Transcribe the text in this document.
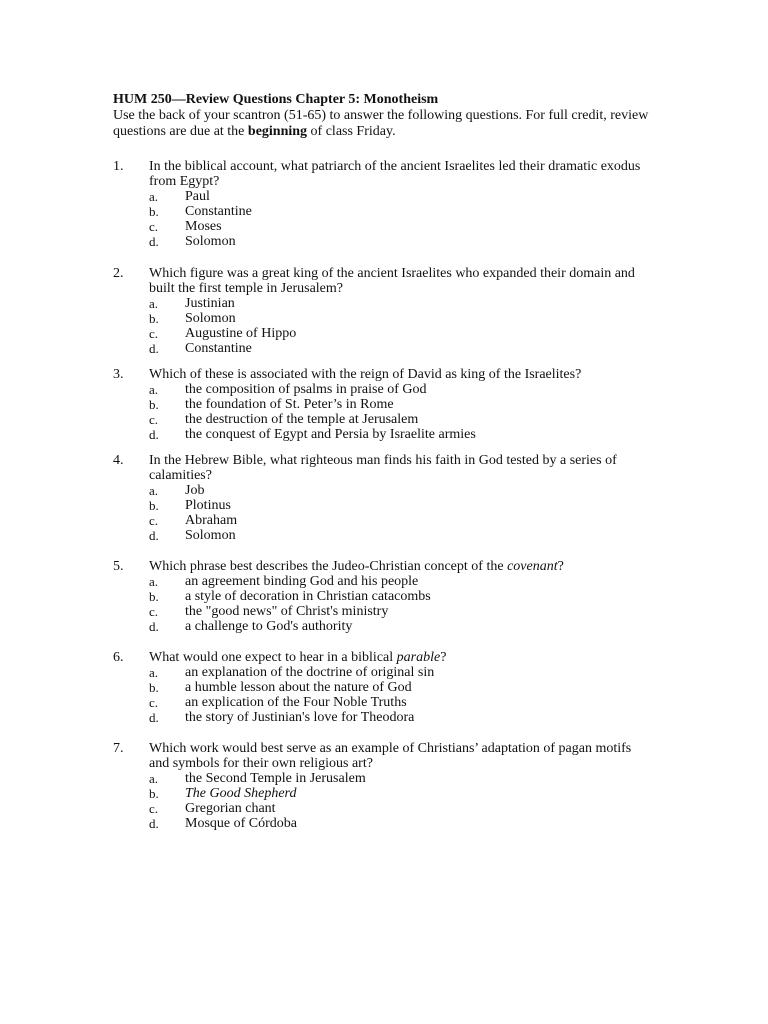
HUM 250—Review Questions Chapter 5: Monotheism

Use the back of your scantron (51-65) to answer the following questions. For full credit, review questions are due at the beginning of class Friday.

1.	In the biblical account, what patriarch of the ancient Israelites led their dramatic exodus from Egypt?
a. Paul
b. Constantine
c. Moses
d. Solomon
2.	Which figure was a great king of the ancient Israelites who expanded their domain and built the first temple in Jerusalem?
a. Justinian
b. Solomon
c. Augustine of Hippo
d. Constantine
3.	Which of these is associated with the reign of David as king of the Israelites?
a. the composition of psalms in praise of God
b. the foundation of St. Peter’s in Rome
c. the destruction of the temple at Jerusalem
d. the conquest of Egypt and Persia by Israelite armies
4.	In the Hebrew Bible, what righteous man finds his faith in God tested by a series of calamities?
a. Job
b. Plotinus
c. Abraham
d. Solomon
5.	Which phrase best describes the Judeo-Christian concept of the covenant?
a. an agreement binding God and his people
b. a style of decoration in Christian catacombs
c. the "good news" of Christ's ministry
d. a challenge to God's authority
6.	What would one expect to hear in a biblical parable?
a. an explanation of the doctrine of original sin
b. a humble lesson about the nature of God
c. an explication of the Four Noble Truths
d. the story of Justinian's love for Theodora
7.	Which work would best serve as an example of Christians’ adaptation of pagan motifs and symbols for their own religious art?
a. the Second Temple in Jerusalem
b. The Good Shepherd
c. Gregorian chant
d. Mosque of Córdoba
